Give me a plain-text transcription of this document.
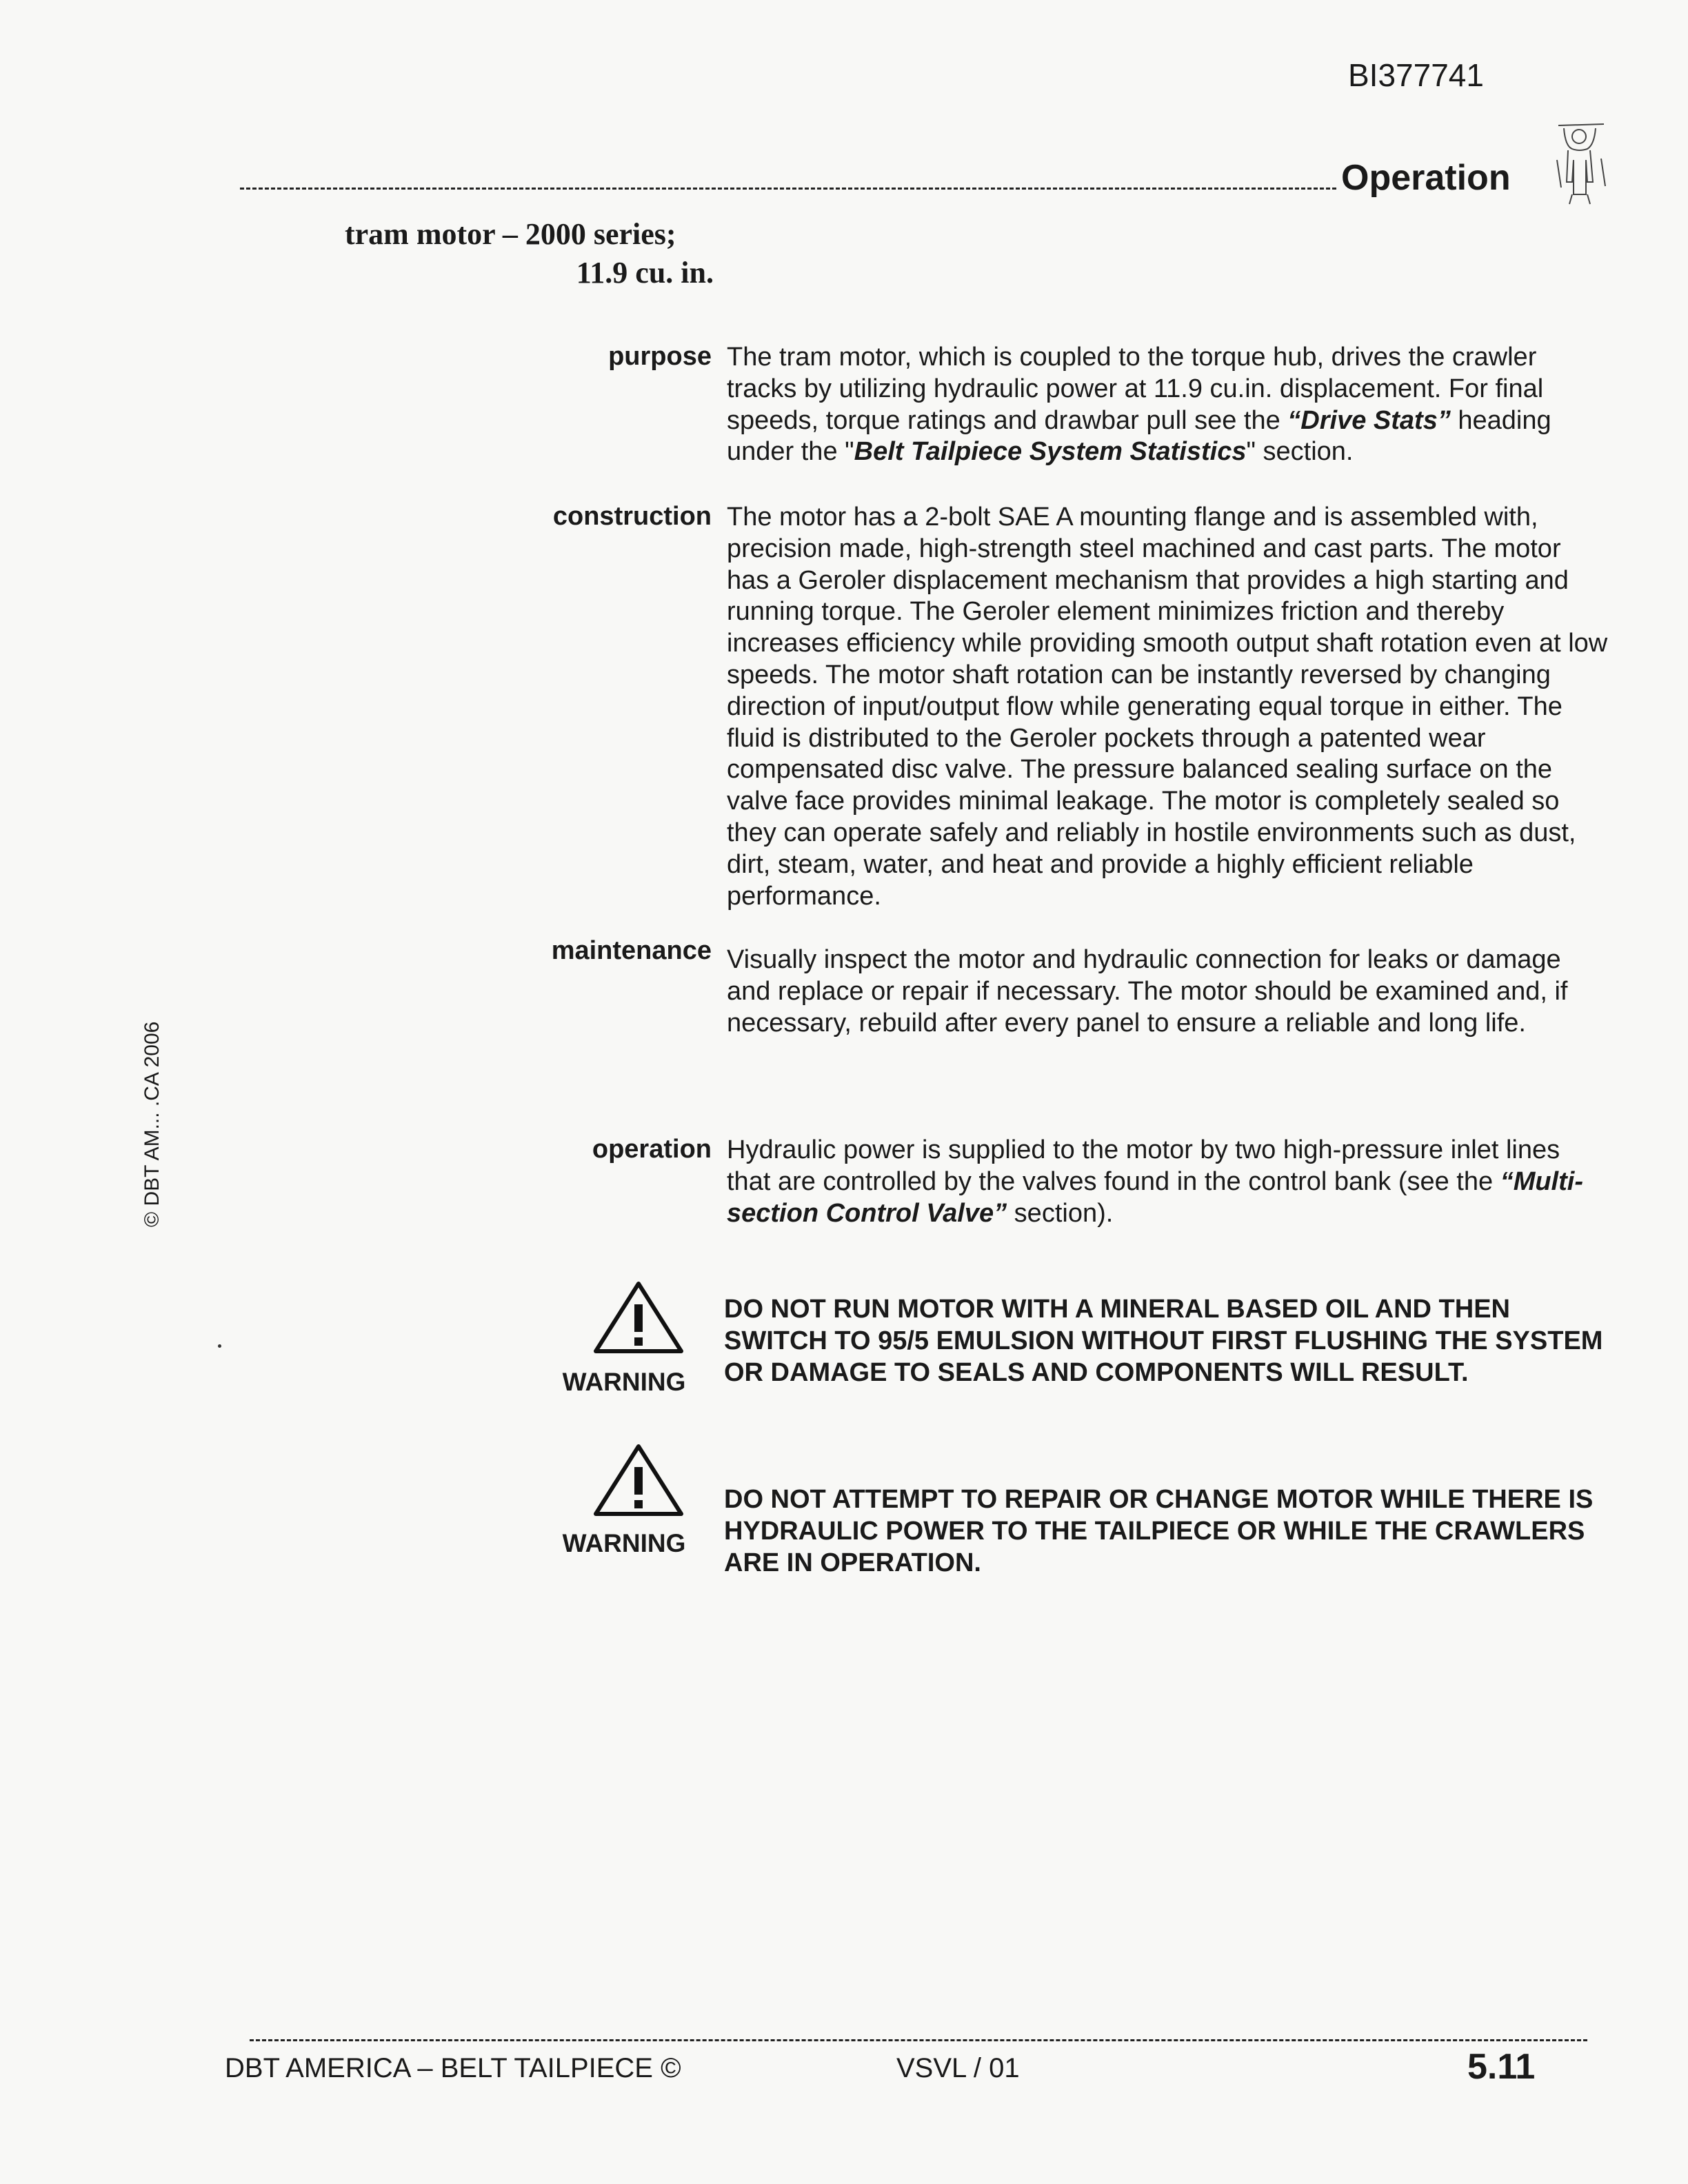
BI377741
Operation
tram motor – 2000 series;
11.9 cu. in.
purpose The tram motor, which is coupled to the torque hub, drives the crawler tracks by utilizing hydraulic power at 11.9 cu.in. displacement. For final speeds, torque ratings and drawbar pull see the “Drive Stats” heading under the "Belt Tailpiece System Statistics" section.

construction The motor has a 2-bolt SAE A mounting flange and is assembled with, precision made, high-strength steel machined and cast parts. The motor has a Geroler displacement mechanism that provides a high starting and running torque. The Geroler element minimizes friction and thereby increases efficiency while providing smooth output shaft rotation even at low speeds. The motor shaft rotation can be instantly reversed by changing direction of input/output flow while generating equal torque in either. The fluid is distributed to the Geroler pockets through a patented wear compensated disc valve. The pressure balanced sealing surface on the valve face provides minimal leakage. The motor is completely sealed so they can operate safely and reliably in hostile environments such as dust, dirt, steam, water, and heat and provide a highly efficient reliable performance.

maintenance Visually inspect the motor and hydraulic connection for leaks or damage and replace or repair if necessary. The motor should be examined and, if necessary, rebuild after every panel to ensure a reliable and long life.

operation Hydraulic power is supplied to the motor by two high-pressure inlet lines that are controlled by the valves found in the control bank (see the “Multi-section Control Valve” section).

WARNING
DO NOT RUN MOTOR WITH A MINERAL BASED OIL AND THEN SWITCH TO 95/5 EMULSION WITHOUT FIRST FLUSHING THE SYSTEM OR DAMAGE TO SEALS AND COMPONENTS WILL RESULT.
WARNING
DO NOT ATTEMPT TO REPAIR OR CHANGE MOTOR WHILE THERE IS HYDRAULIC POWER TO THE TAILPIECE OR WHILE THE CRAWLERS ARE IN OPERATION.
© DBT AM... .CA 2006
DBT AMERICA – BELT TAILPIECE ©	VSVL / 01	5.11
